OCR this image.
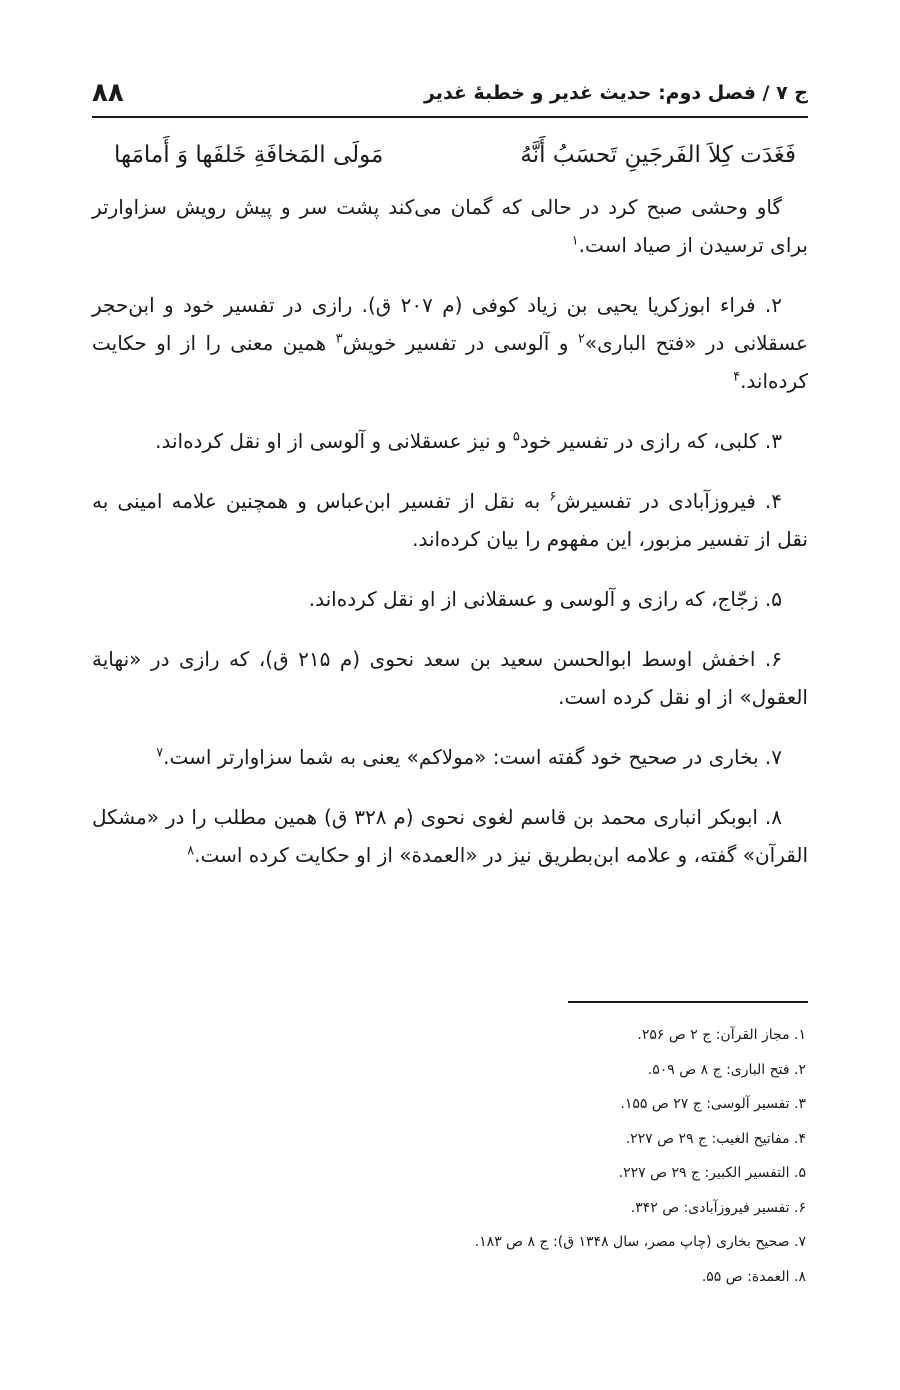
۸۸	ج ۷ / فصل دوم: حدیث غدیر و خطبهٔ غدیر
فَغَدَت كِلاَ الفَرجَينِ تَحسَبُ أَنَّهُ
مَولَى المَخافَةِ خَلفَها وَ أَمامَها

گاو وحشی صبح کرد در حالی که گمان می‌کند پشت سر و پیش رویش سزاوارتر برای ترسیدن از صیاد است.$^۱$

۲. فراء ابوزکریا یحیی بن زیاد کوفی (م ۲۰۷ ق). رازی در تفسیر خود و ابن‌حجر عسقلانی در «فتح الباری»$^۲$ و آلوسی در تفسیر خویش$^۳$ همین معنی را از او حکایت کرده‌اند.$^۴$

۳. کلبی، که رازی در تفسیر خود$^۵$ و نیز عسقلانی و آلوسی از او نقل کرده‌اند.

۴. فیروزآبادی در تفسیرش$^۶$ به نقل از تفسیر ابن‌عباس و همچنین علامه امینی به نقل از تفسیر مزبور، این مفهوم را بیان کرده‌اند.

۵. زجّاج، که رازی و آلوسی و عسقلانی از او نقل کرده‌اند.

۶. اخفش اوسط ابوالحسن سعید بن سعد نحوی (م ۲۱۵ ق)، که رازی در «نهایة العقول» از او نقل کرده است.

۷. بخاری در صحیح خود گفته است: «مولاکم» یعنی به شما سزاوارتر است.$^۷$

۸. ابوبکر انباری محمد بن قاسم لغوی نحوی (م ۳۲۸ ق) همین مطلب را در «مشکل القرآن» گفته، و علامه ابن‌بطریق نیز در «العمدة» از او حکایت کرده است.$^۸$

۱. مجاز القرآن: ج ۲ ص ۲۵۶.
۲. فتح الباری: ج ۸ ص ۵۰۹.
۳. تفسیر آلوسی: ج ۲۷ ص ۱۵۵.
۴. مفاتیح الغیب: ج ۲۹ ص ۲۲۷.
۵. التفسیر الکبیر: ج ۲۹ ص ۲۲۷.
۶. تفسیر فیروزآبادی: ص ۳۴۲.
۷. صحیح بخاری (چاپ مصر، سال ۱۳۴۸ ق): ج ۸ ص ۱۸۳.
۸. العمدة: ص ۵۵.
